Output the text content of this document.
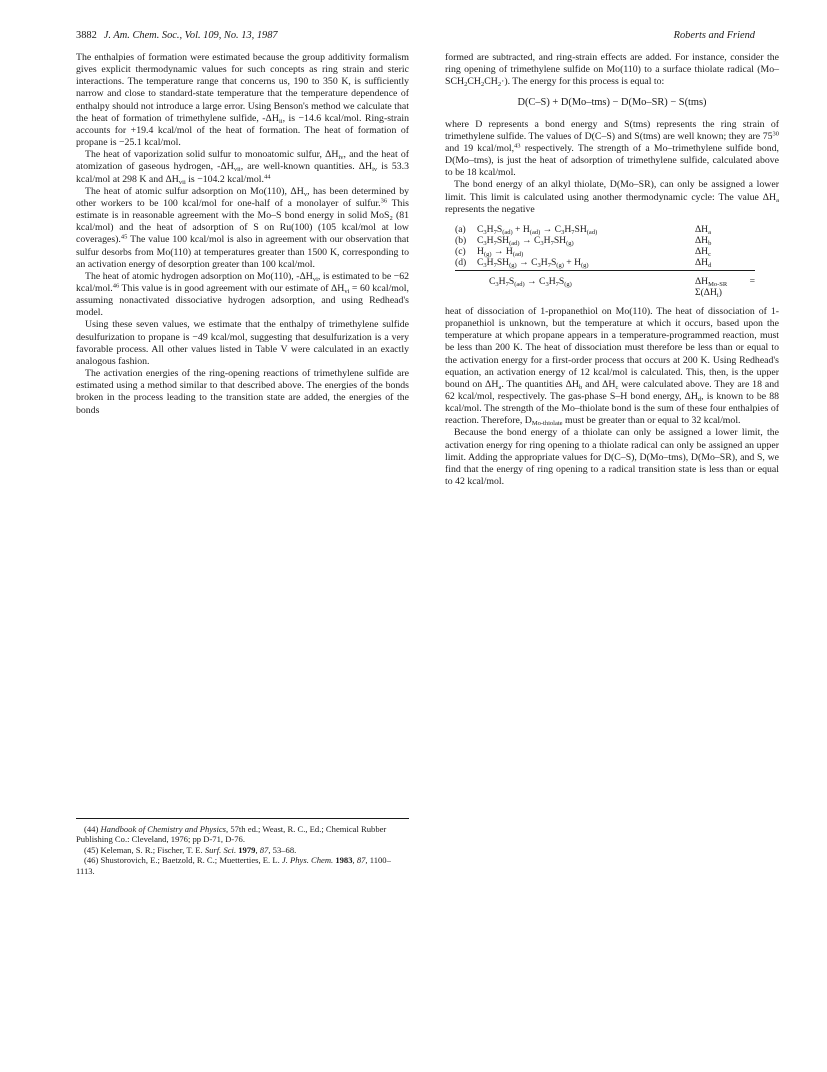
3882 J. Am. Chem. Soc., Vol. 109, No. 13, 1987	Roberts and Friend

The enthalpies of formation were estimated because the group additivity formalism gives explicit thermodynamic values for such concepts as ring strain and steric interactions. The temperature range that concerns us, 190 to 350 K, is sufficiently narrow and close to standard-state temperature that the temperature dependence of enthalpy should not introduce a large error. Using Benson's method we calculate that the heat of formation of trimethylene sulfide, $-\Delta H_{ii}$, is −14.6 kcal/mol. Ring-strain accounts for +19.4 kcal/mol of the heat of formation. The heat of formation of propane is −25.1 kcal/mol.

The heat of vaporization solid sulfur to monoatomic sulfur, $\Delta H_{iv}$, and the heat of atomization of gaseous hydrogen, $-\Delta H_{vii}$, are well-known quantities. $\Delta H_{iv}$ is 53.3 kcal/mol at 298 K and $\Delta H_{vii}$ is −104.2 kcal/mol.$^{44}$

The heat of atomic sulfur adsorption on Mo(110), $\Delta H_v$, has been determined by other workers to be 100 kcal/mol for one-half of a monolayer of sulfur.$^{36}$ This estimate is in reasonable agreement with the Mo–S bond energy in solid MoS$_2$ (81 kcal/mol) and the heat of adsorption of S on Ru(100) (105 kcal/mol at low coverages).$^{45}$ The value 100 kcal/mol is also in agreement with our observation that sulfur desorbs from Mo(110) at temperatures greater than 1500 K, corresponding to an activation energy of desorption greater than 100 kcal/mol.

The heat of atomic hydrogen adsorption on Mo(110), $-\Delta H_{vi}$, is estimated to be −62 kcal/mol.$^{46}$ This value is in good agreement with our estimate of $\Delta H_{vi} = 60$ kcal/mol, assuming nonactivated dissociative hydrogen adsorption, and using Redhead's model.

Using these seven values, we estimate that the enthalpy of trimethylene sulfide desulfurization to propane is −49 kcal/mol, suggesting that desulfurization is a very favorable process. All other values listed in Table V were calculated in an exactly analogous fashion.

The activation energies of the ring-opening reactions of trimethylene sulfide are estimated using a method similar to that described above. The energies of the bonds broken in the process leading to the transition state are added, the energies of the bonds

(44) Handbook of Chemistry and Physics, 57th ed.; Weast, R. C., Ed.; Chemical Rubber Publishing Co.: Cleveland, 1976; pp D-71, D-76.

(45) Keleman, S. R.; Fischer, T. E. Surf. Sci. 1979, 87, 53–68.

(46) Shustorovich, E.; Baetzold, R. C.; Muetterties, E. L. J. Phys. Chem. 1983, 87, 1100–1113.

formed are subtracted, and ring-strain effects are added. For instance, consider the ring opening of trimethylene sulfide on Mo(110) to a surface thiolate radical $(Mo-SCH_2CH_2CH_2\cdot)$. The energy for this process is equal to:

D(C–S) + D(Mo–tms) − D(Mo–SR) − S(tms)

where D represents a bond energy and S(tms) represents the ring strain of trimethylene sulfide. The values of D(C–S) and S(tms) are well known; they are $75^{30}$ and 19 kcal/mol,$^{43}$ respectively. The strength of a Mo–trimethylene sulfide bond, D(Mo–tms), is just the heat of adsorption of trimethylene sulfide, calculated above to be 18 kcal/mol.

The bond energy of an alkyl thiolate, D(Mo–SR), can only be assigned a lower limit. This limit is calculated using another thermodynamic cycle: The value $\Delta H_a$ represents the negative

(a)	$C_3H_7S_{(ad)} + H_{(ad)} \to C_3H_7SH_{(ad)}$	$\Delta H_a$
(b)	$C_3H_7SH_{(ad)} \to C_3H_7SH_{(g)}$	$\Delta H_b$
(c)	$H_{(g)} \to H_{(ad)}$	$\Delta H_c$
(d)	$C_3H_7SH_{(g)} \to C_3H_7S_{(g)} + H_{(g)}$	$\Delta H_d$
	$C_3H_7S_{(ad)} \to C_3H_7S_{(g)}$	$\Delta H_{Mo-SR} = \Sigma(\Delta H_i)$

heat of dissociation of 1-propanethiol on Mo(110). The heat of dissociation of 1-propanethiol is unknown, but the temperature at which it occurs, based upon the temperature at which propane appears in a temperature-programmed reaction, must be less than 200 K. The heat of dissociation must therefore be less than or equal to the activation energy for a first-order process that occurs at 200 K. Using Redhead's equation, an activation energy of 12 kcal/mol is calculated. This, then, is the upper bound on $\Delta H_a$. The quantities $\Delta H_b$ and $\Delta H_c$ were calculated above. They are 18 and 62 kcal/mol, respectively. The gas-phase S–H bond energy, $\Delta H_d$, is known to be 88 kcal/mol. The strength of the Mo–thiolate bond is the sum of these four enthalpies of reaction. Therefore, $D_{Mo-thiolate}$ must be greater than or equal to 32 kcal/mol.

Because the bond energy of a thiolate can only be assigned a lower limit, the activation energy for ring opening to a thiolate radical can only be assigned an upper limit. Adding the appropriate values for D(C–S), D(Mo–tms), D(Mo–SR), and S, we find that the energy of ring opening to a radical transition state is less than or equal to 42 kcal/mol.
